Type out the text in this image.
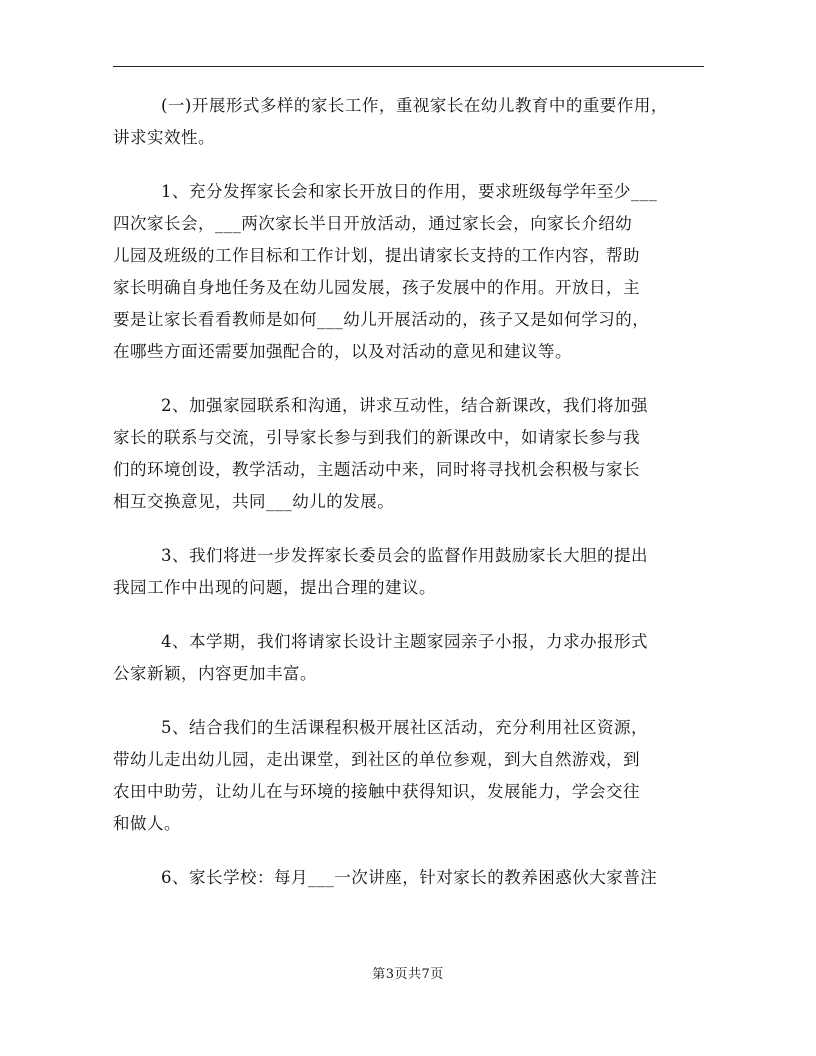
(一)开展形式多样的家长工作，重视家长在幼儿教育中的重要作用，
讲求实效性。
1、充分发挥家长会和家长开放日的作用，要求班级每学年至少___
四次家长会，___两次家长半日开放活动，通过家长会，向家长介绍幼
儿园及班级的工作目标和工作计划，提出请家长支持的工作内容，帮助
家长明确自身地任务及在幼儿园发展，孩子发展中的作用。开放日，主
要是让家长看看教师是如何___幼儿开展活动的，孩子又是如何学习的，
在哪些方面还需要加强配合的，以及对活动的意见和建议等。
2、加强家园联系和沟通，讲求互动性，结合新课改，我们将加强
家长的联系与交流，引导家长参与到我们的新课改中，如请家长参与我
们的环境创设，教学活动，主题活动中来，同时将寻找机会积极与家长
相互交换意见，共同___幼儿的发展。
3、我们将进一步发挥家长委员会的监督作用鼓励家长大胆的提出
我园工作中出现的问题，提出合理的建议。
4、本学期，我们将请家长设计主题家园亲子小报，力求办报形式
公家新颖，内容更加丰富。
5、结合我们的生活课程积极开展社区活动，充分利用社区资源，
带幼儿走出幼儿园，走出课堂，到社区的单位参观，到大自然游戏，到
农田中助劳，让幼儿在与环境的接触中获得知识，发展能力，学会交往
和做人。
6、家长学校：每月___一次讲座，针对家长的教养困惑伙大家普注
第3页共7页
